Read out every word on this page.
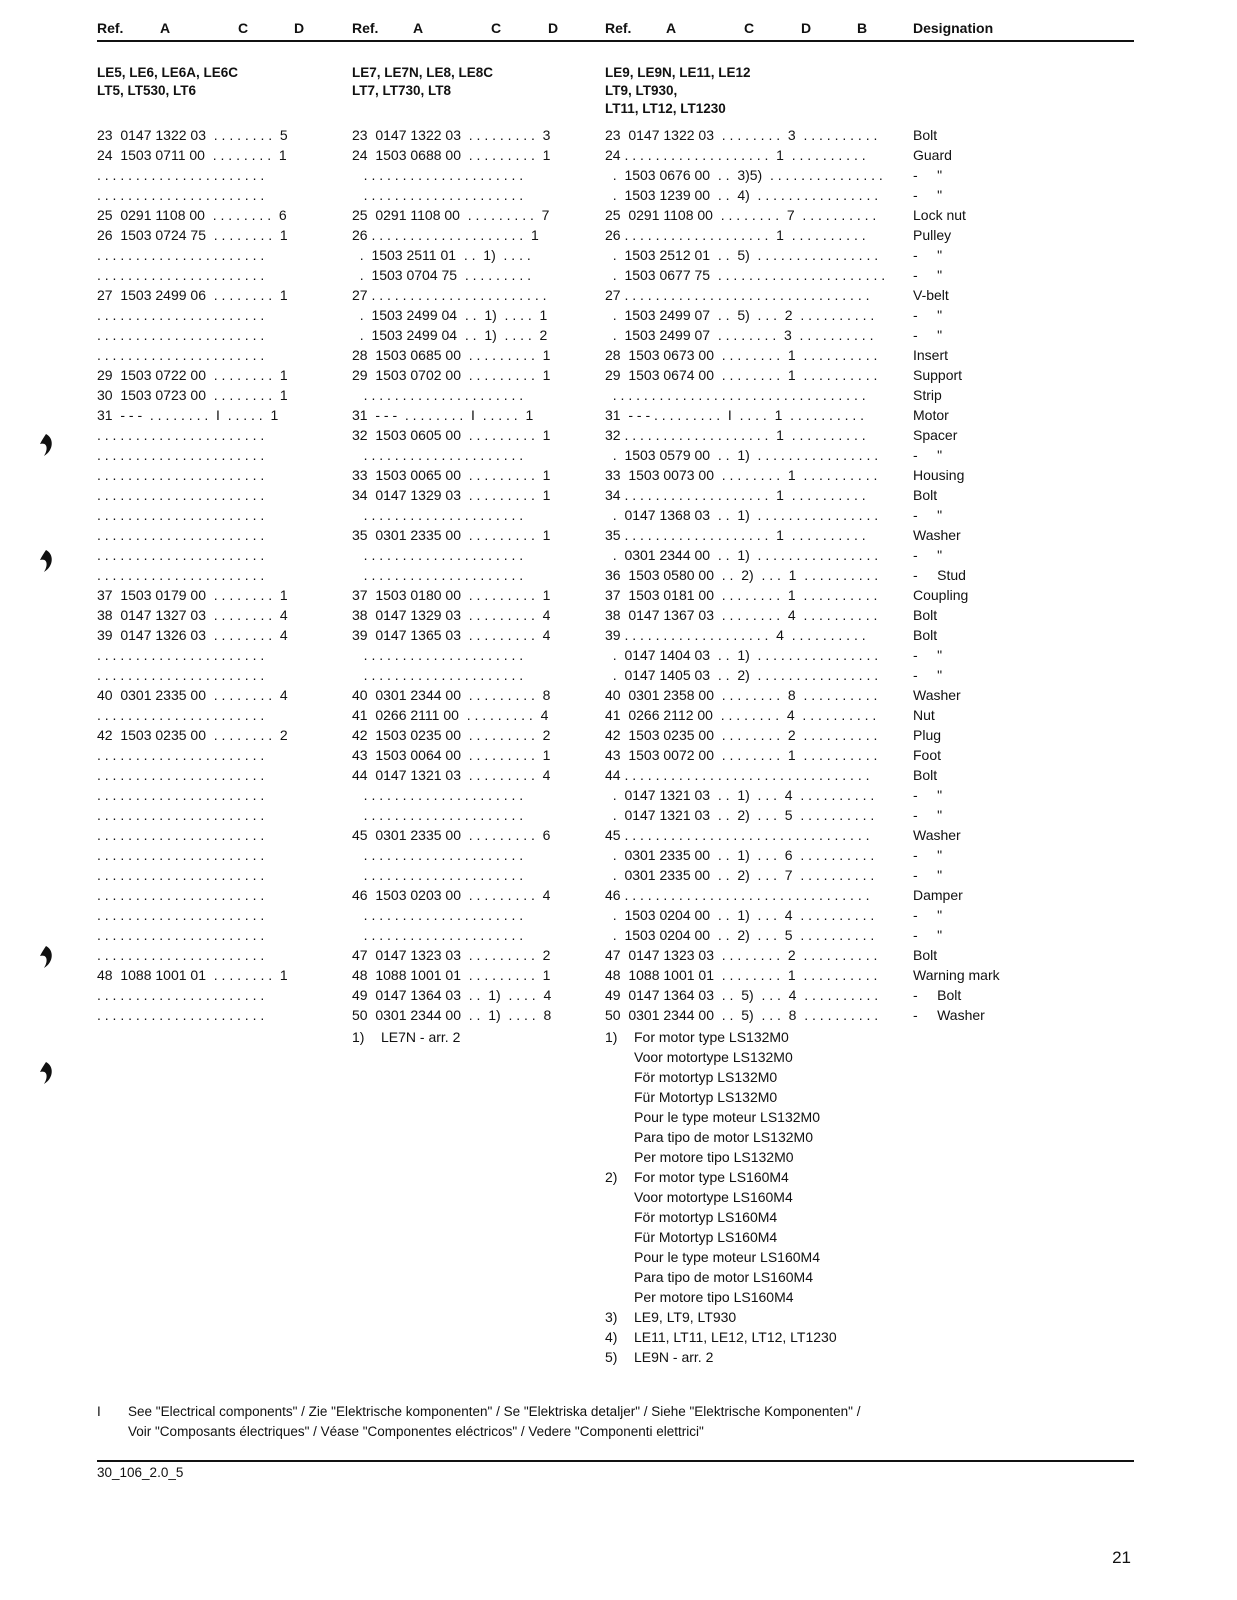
Ref.	A	C	D	Ref. A	C	D	Ref. A	C	D	B	Designation
LE5, LE6, LE6A, LE6C
LT5, LT530, LT6
LE7, LE7N, LE8, LE8C
LT7, LT730, LT8
LE9, LE9N, LE11, LE12
LT9, LT930,
LT11, LT12, LT1230
23  0147 1322 03  . . . . . . . .  5	23  0147 1322 03  . . . . . . . . .  3	23  0147 1322 03  . . . . . . . .  3  . . . . . . . . . .	Bolt
24  1503 0711 00  . . . . . . . .  1	24  1503 0688 00  . . . . . . . . .  1	24 . . . . . . . . . . . . . . . . . . .  1  . . . . . . . . . .	Guard
. . . . . . . . . . . . . . . . . . . . . .	. . . . . . . . . . . . . . . . . . . . .	.  1503 0676 00  . .  3)5)  . . . . . . . . . . . . . . . -     "
. . . . . . . . . . . . . . . . . . . . . .	. . . . . . . . . . . . . . . . . . . . .	.  1503 1239 00  . .  4)  . . . . . . . . . . . . . . . . -     "
25  0291 1108 00  . . . . . . . .  6	25  0291 1108 00  . . . . . . . . .  7	25  0291 1108 00  . . . . . . . .  7  . . . . . . . . . .	Lock nut
26  1503 0724 75  . . . . . . . .  1	26 . . . . . . . . . . . . . . . . . . . .  1	26 . . . . . . . . . . . . . . . . . . .  1  . . . . . . . . . .	Pulley
. . . . . . . . . . . . . . . . . . . . . .	.  1503 2511 01  . .  1)  . . . .	.  1503 2512 01  . .  5)  . . . . . . . . . . . . . . . . -     "
. . . . . . . . . . . . . . . . . . . . . .	.  1503 0704 75  . . . . . . . . .	.  1503 0677 75  . . . . . . . . . . . . . . . . . . . . . . -     "
27  1503 2499 06  . . . . . . . .  1	27 . . . . . . . . . . . . . . . . . . . . . . .	27 . . . . . . . . . . . . . . . . . . . . . . . . . . . . . . . .	V-belt
. . . . . . . . . . . . . . . . . . . . . .	.  1503 2499 04  . .  1)  . . . .  1	.  1503 2499 07  . .  5)  . . .  2  . . . . . . . . . .	-     "
. . . . . . . . . . . . . . . . . . . . . .	.  1503 2499 04  . .  1)  . . . .  2	.  1503 2499 07  . . . . . . . .  3  . . . . . . . . . .	-     "
. . . . . . . . . . . . . . . . . . . . . .	28  1503 0685 00  . . . . . . . . .  1	28  1503 0673 00  . . . . . . . .  1  . . . . . . . . . .	Insert
29  1503 0722 00  . . . . . . . .  1	29  1503 0702 00  . . . . . . . . .  1	29  1503 0674 00  . . . . . . . .  1  . . . . . . . . . .	Support
30  1503 0723 00  . . . . . . . .  1	. . . . . . . . . . . . . . . . . . . . .	. . . . . . . . . . . . . . . . . . . . . . . . . . . . . . . . .	Strip
31  - - -  . . . . . . . .  I  . . . . .  1	31  - - -  . . . . . . . .  I  . . . . .  1	31  - - - . . . . . . . . .  I  . . . .  1  . . . . . . . . . .	Motor
. . . . . . . . . . . . . . . . . . . . . .	32  1503 0605 00  . . . . . . . . .  1	32 . . . . . . . . . . . . . . . . . . .  1  . . . . . . . . . .	Spacer
. . . . . . . . . . . . . . . . . . . . . .	. . . . . . . . . . . . . . . . . . . . .	.  1503 0579 00  . .  1)  . . . . . . . . . . . . . . . . -     "
. . . . . . . . . . . . . . . . . . . . . .	33  1503 0065 00  . . . . . . . . .  1	33  1503 0073 00  . . . . . . . .  1  . . . . . . . . . .	Housing
. . . . . . . . . . . . . . . . . . . . . .	34  0147 1329 03  . . . . . . . . .  1	34 . . . . . . . . . . . . . . . . . . .  1  . . . . . . . . . .	Bolt
. . . . . . . . . . . . . . . . . . . . . .	. . . . . . . . . . . . . . . . . . . . .	.  0147 1368 03  . .  1)  . . . . . . . . . . . . . . . . -     "
. . . . . . . . . . . . . . . . . . . . . .	35  0301 2335 00  . . . . . . . . .  1	35 . . . . . . . . . . . . . . . . . . .  1  . . . . . . . . . .	Washer
. . . . . . . . . . . . . . . . . . . . . .	. . . . . . . . . . . . . . . . . . . . .	.  0301 2344 00  . .  1)  . . . . . . . . . . . . . . . . -     "
. . . . . . . . . . . . . . . . . . . . . .	. . . . . . . . . . . . . . . . . . . . .	36  1503 0580 00  . .  2)  . . .  1  . . . . . . . . . . -     Stud
37  1503 0179 00  . . . . . . . .  1	37  1503 0180 00  . . . . . . . . .  1	37  1503 0181 00  . . . . . . . .  1  . . . . . . . . . .	Coupling
38  0147 1327 03  . . . . . . . .  4	38  0147 1329 03  . . . . . . . . .  4	38  0147 1367 03  . . . . . . . .  4  . . . . . . . . . .	Bolt
39  0147 1326 03  . . . . . . . .  4	39  0147 1365 03  . . . . . . . . .  4	39 . . . . . . . . . . . . . . . . . . .  4  . . . . . . . . . .	Bolt
. . . . . . . . . . . . . . . . . . . . . .	. . . . . . . . . . . . . . . . . . . . .	.  0147 1404 03  . .  1)  . . . . . . . . . . . . . . . . -     "
. . . . . . . . . . . . . . . . . . . . . .	. . . . . . . . . . . . . . . . . . . . .	.  0147 1405 03  . .  2)  . . . . . . . . . . . . . . . . -     "
40  0301 2335 00  . . . . . . . .  4	40  0301 2344 00  . . . . . . . . .  8	40  0301 2358 00  . . . . . . . .  8  . . . . . . . . . .	Washer
. . . . . . . . . . . . . . . . . . . . . .	41  0266 2111 00  . . . . . . . . .  4	41  0266 2112 00  . . . . . . . .  4  . . . . . . . . . .	Nut
42  1503 0235 00  . . . . . . . .  2	42  1503 0235 00  . . . . . . . . .  2	42  1503 0235 00  . . . . . . . .  2  . . . . . . . . . .	Plug
. . . . . . . . . . . . . . . . . . . . . .	43  1503 0064 00  . . . . . . . . .  1	43  1503 0072 00  . . . . . . . .  1  . . . . . . . . . .	Foot
. . . . . . . . . . . . . . . . . . . . . .	44  0147 1321 03  . . . . . . . . .  4	44 . . . . . . . . . . . . . . . . . . . . . . . . . . . . . . . .	Bolt
. . . . . . . . . . . . . . . . . . . . . .	. . . . . . . . . . . . . . . . . . . . .	.  0147 1321 03  . .  1)  . . .  4  . . . . . . . . . .	-     "
. . . . . . . . . . . . . . . . . . . . . .	. . . . . . . . . . . . . . . . . . . . .	.  0147 1321 03  . .  2)  . . .  5  . . . . . . . . . .	-     "
. . . . . . . . . . . . . . . . . . . . . .	45  0301 2335 00  . . . . . . . . .  6	45 . . . . . . . . . . . . . . . . . . . . . . . . . . . . . . . .	Washer
. . . . . . . . . . . . . . . . . . . . . .	. . . . . . . . . . . . . . . . . . . . .	.  0301 2335 00  . .  1)  . . .  6  . . . . . . . . . .	-     "
. . . . . . . . . . . . . . . . . . . . . .	. . . . . . . . . . . . . . . . . . . . .	.  0301 2335 00  . .  2)  . . .  7  . . . . . . . . . .	-     "
. . . . . . . . . . . . . . . . . . . . . .	46  1503 0203 00  . . . . . . . . .  4	46 . . . . . . . . . . . . . . . . . . . . . . . . . . . . . . . .	Damper
. . . . . . . . . . . . . . . . . . . . . .	. . . . . . . . . . . . . . . . . . . . .	.  1503 0204 00  . .  1)  . . .  4  . . . . . . . . . .	-     "
. . . . . . . . . . . . . . . . . . . . . .	. . . . . . . . . . . . . . . . . . . . .	.  1503 0204 00  . .  2)  . . .  5  . . . . . . . . . .	-     "
. . . . . . . . . . . . . . . . . . . . . .	47  0147 1323 03  . . . . . . . . .  2	47  0147 1323 03  . . . . . . . .  2  . . . . . . . . . .	Bolt
48  1088 1001 01  . . . . . . . .  1	48  1088 1001 01  . . . . . . . . .  1	48  1088 1001 01  . . . . . . . .  1  . . . . . . . . . .	Warning mark
. . . . . . . . . . . . . . . . . . . . . .	49  0147 1364 03  . .  1)  . . . .  4	49  0147 1364 03  . .  5)  . . .  4  . . . . . . . . . . -     Bolt
. . . . . . . . . . . . . . . . . . . . . .	50  0301 2344 00  . .  1)  . . . .  8	50  0301 2344 00  . .  5)  . . .  8  . . . . . . . . . . -     Washer
1) LE7N - arr. 2	1) For motor type LS132M0
Voor motortype LS132M0
För motortyp LS132M0
Für Motortyp LS132M0
Pour le type moteur LS132M0
Para tipo de motor LS132M0
Per motore tipo LS132M0
2) For motor type LS160M4
Voor motortype LS160M4
För motortyp LS160M4
Für Motortyp LS160M4
Pour le type moteur LS160M4
Para tipo de motor LS160M4
Per motore tipo LS160M4
3) LE9, LT9, LT930
4) LE11, LT11, LE12, LT12, LT1230
5) LE9N - arr. 2
I	See "Electrical components" / Zie "Elektrische komponenten" / Se "Elektriska detaljer" / Siehe "Elektrische Komponenten" /
Voir "Composants électriques" / Véase "Componentes eléctricos" / Vedere "Componenti elettrici"
30_106_2.0_5
21
